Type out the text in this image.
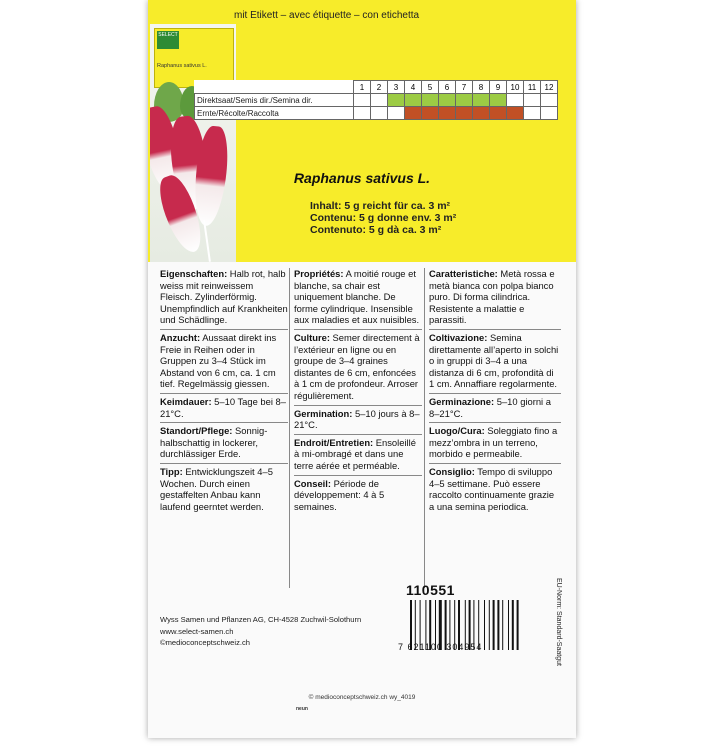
mit Etikett – avec étiquette – con etichetta
SELECT
Raphanus sativus L.
	1	2	3	4	5	6	7	8	9	10	11	12
Direktsaat/Semis dir./Semina dir.												
Ernte/Récolte/Raccolta												
Raphanus sativus L.
Inhalt: 5 g reicht für ca. 3 m²
Contenu: 5 g donne env. 3 m²
Contenuto: 5 g dà ca. 3 m²

Eigenschaften: Halb rot, halb weiss mit reinweissem Fleisch. Zylinderförmig. Unempfindlich auf Krankheiten und Schädlinge.

Anzucht: Aussaat direkt ins Freie in Reihen oder in Gruppen zu 3–4 Stück im Abstand von 6 cm, ca. 1 cm tief. Regelmässig giessen.

Keimdauer: 5–10 Tage bei 8–21°C.

Standort/Pflege: Sonnig-halbschattig in lockerer, durchlässiger Erde.

Tipp: Entwicklungszeit 4–5 Wochen. Durch einen gestaffelten Anbau kann laufend geerntet werden.

Propriétés: A moitié rouge et blanche, sa chair est uniquement blanche. De forme cylindrique. Insensible aux maladies et aux nuisibles.

Culture: Semer directement à l’extérieur en ligne ou en groupe de 3–4 graines distantes de 6 cm, enfoncées à 1 cm de profondeur. Arroser régulièrement.

Germination: 5–10 jours à 8–21°C.

Endroit/Entretien: Ensoleillé à mi-ombragé et dans une terre aérée et perméable.

Conseil: Période de développement: 4 à 5 semaines.

Caratteristiche: Metà rossa e metà bianca con polpa bianco puro. Di forma cilindrica. Resistente a malattie e parassiti.

Coltivazione: Semina direttamente all’aperto in solchi o in gruppi di 3–4 a una distanza di 6 cm, profondità di 1 cm. Annaffiare regolarmente.

Germinazione: 5–10 giorni a 8–21°C.

Luogo/Cura: Soleggiato fino a mezz’ombra in un terreno, morbido e permeabile.

Consiglio: Tempo di sviluppo 4–5 settimane. Può essere raccolto continuamente grazie a una semina periodica.

110551
Wyss Samen und Pflanzen AG, CH-4528 Zuchwil-Solothurn
www.select-samen.ch
©medioconceptschweiz.ch	7 621100 304954	EU-Norm: Standard-Saatgut
© medioconceptschweiz.ch wy_4019
neun
